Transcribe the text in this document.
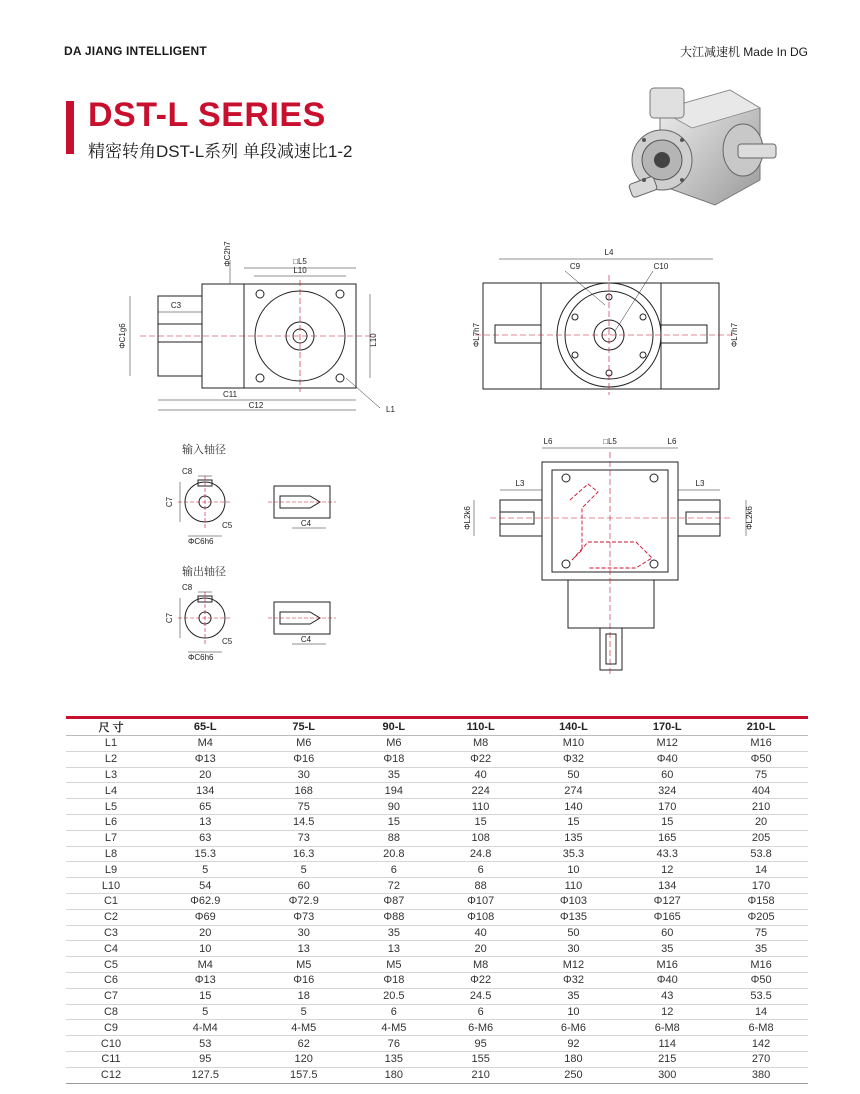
DA JIANG INTELLIGENT	大江减速机 Made In DG
DST-L SERIES
精密转角DST-L系列 单段减速比1-2
ΦC2h7	□L5
L10
L10
C3
ΦC1g6
C11
C12	L1
L4
C9	C10
ΦL7h7	ΦL7h7
L6	□L5	L6
L3	L3
ΦL2k6	ΦL2k6
输入轴径
C8
C7
C5
ΦC6h6
C4
输出轴径
C8
C7
C5
ΦC6h6
C4
尺 寸	65-L	75-L	90-L	110-L	140-L	170-L	210-L
L1	M4	M6	M6	M8	M10	M12	M16
L2	Φ13	Φ16	Φ18	Φ22	Φ32	Φ40	Φ50
L3	20	30	35	40	50	60	75
L4	134	168	194	224	274	324	404
L5	65	75	90	110	140	170	210
L6	13	14.5	15	15	15	15	20
L7	63	73	88	108	135	165	205
L8	15.3	16.3	20.8	24.8	35.3	43.3	53.8
L9	5	5	6	6	10	12	14
L10	54	60	72	88	110	134	170
C1	Φ62.9	Φ72.9	Φ87	Φ107	Φ103	Φ127	Φ158
C2	Φ69	Φ73	Φ88	Φ108	Φ135	Φ165	Φ205
C3	20	30	35	40	50	60	75
C4	10	13	13	20	30	35	35
C5	M4	M5	M5	M8	M12	M16	M16
C6	Φ13	Φ16	Φ18	Φ22	Φ32	Φ40	Φ50
C7	15	18	20.5	24.5	35	43	53.5
C8	5	5	6	6	10	12	14
C9	4-M4	4-M5	4-M5	6-M6	6-M6	6-M8	6-M8
C10	53	62	76	95	92	114	142
C11	95	120	135	155	180	215	270
C12	127.5	157.5	180	210	250	300	380
